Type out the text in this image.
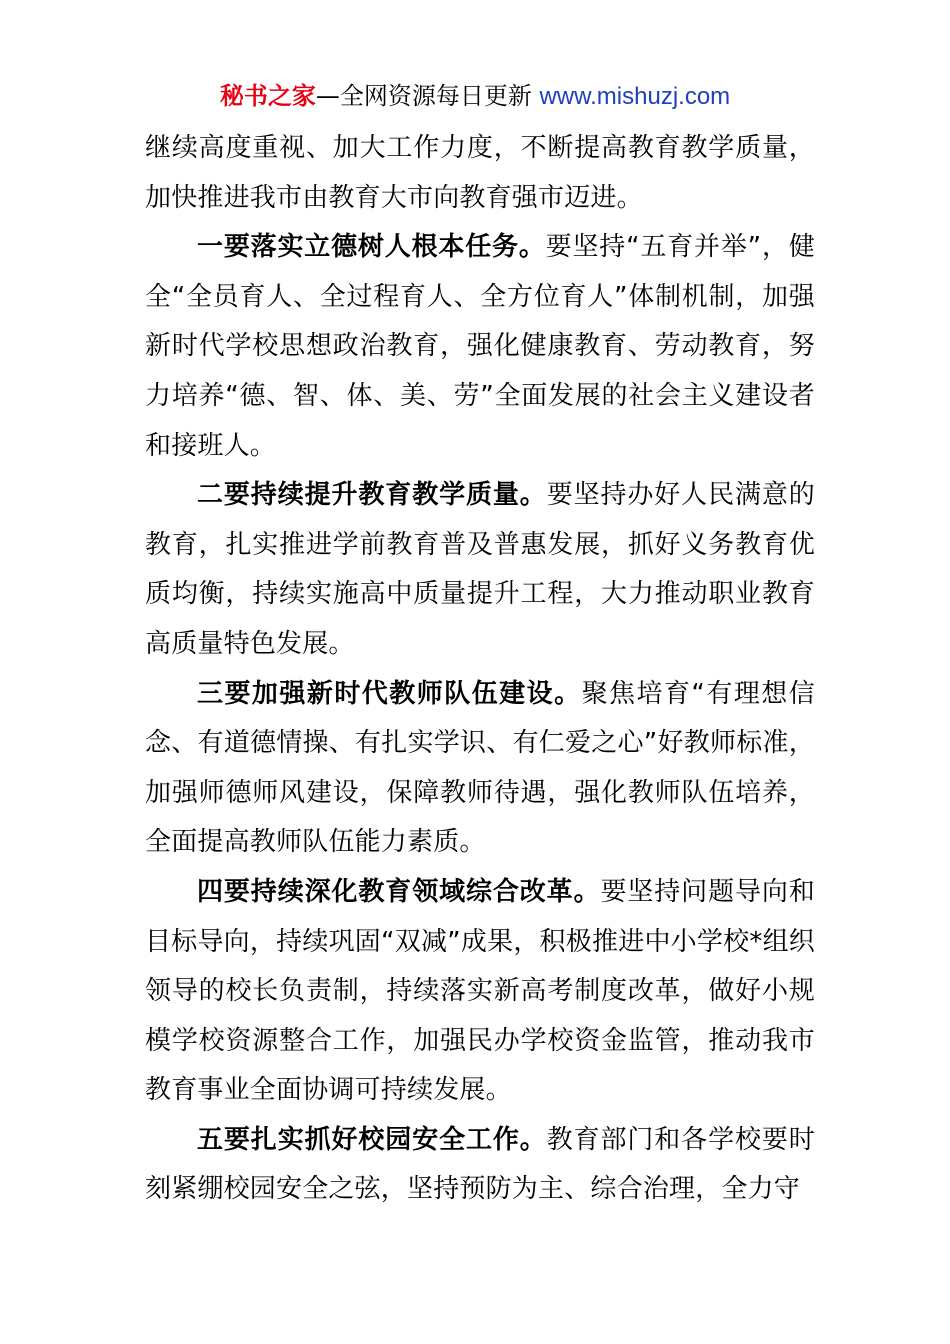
秘书之家—全网资源每日更新 www.mishuzj.com

继续高度重视、加大工作力度，不断提高教育教学质量，加快推进我市由教育大市向教育强市迈进。

一要落实立德树人根本任务。要坚持“五育并举”，健全“全员育人、全过程育人、全方位育人”体制机制，加强新时代学校思想政治教育，强化健康教育、劳动教育，努力培养“德、智、体、美、劳”全面发展的社会主义建设者和接班人。

二要持续提升教育教学质量。要坚持办好人民满意的教育，扎实推进学前教育普及普惠发展，抓好义务教育优质均衡，持续实施高中质量提升工程，大力推动职业教育高质量特色发展。

三要加强新时代教师队伍建设。聚焦培育“有理想信念、有道德情操、有扎实学识、有仁爱之心”好教师标准，加强师德师风建设，保障教师待遇，强化教师队伍培养，全面提高教师队伍能力素质。

四要持续深化教育领域综合改革。要坚持问题导向和目标导向，持续巩固“双减”成果，积极推进中小学校*组织领导的校长负责制，持续落实新高考制度改革，做好小规模学校资源整合工作，加强民办学校资金监管，推动我市教育事业全面协调可持续发展。

五要扎实抓好校园安全工作。教育部门和各学校要时刻紧绷校园安全之弦，坚持预防为主、综合治理，全力守
